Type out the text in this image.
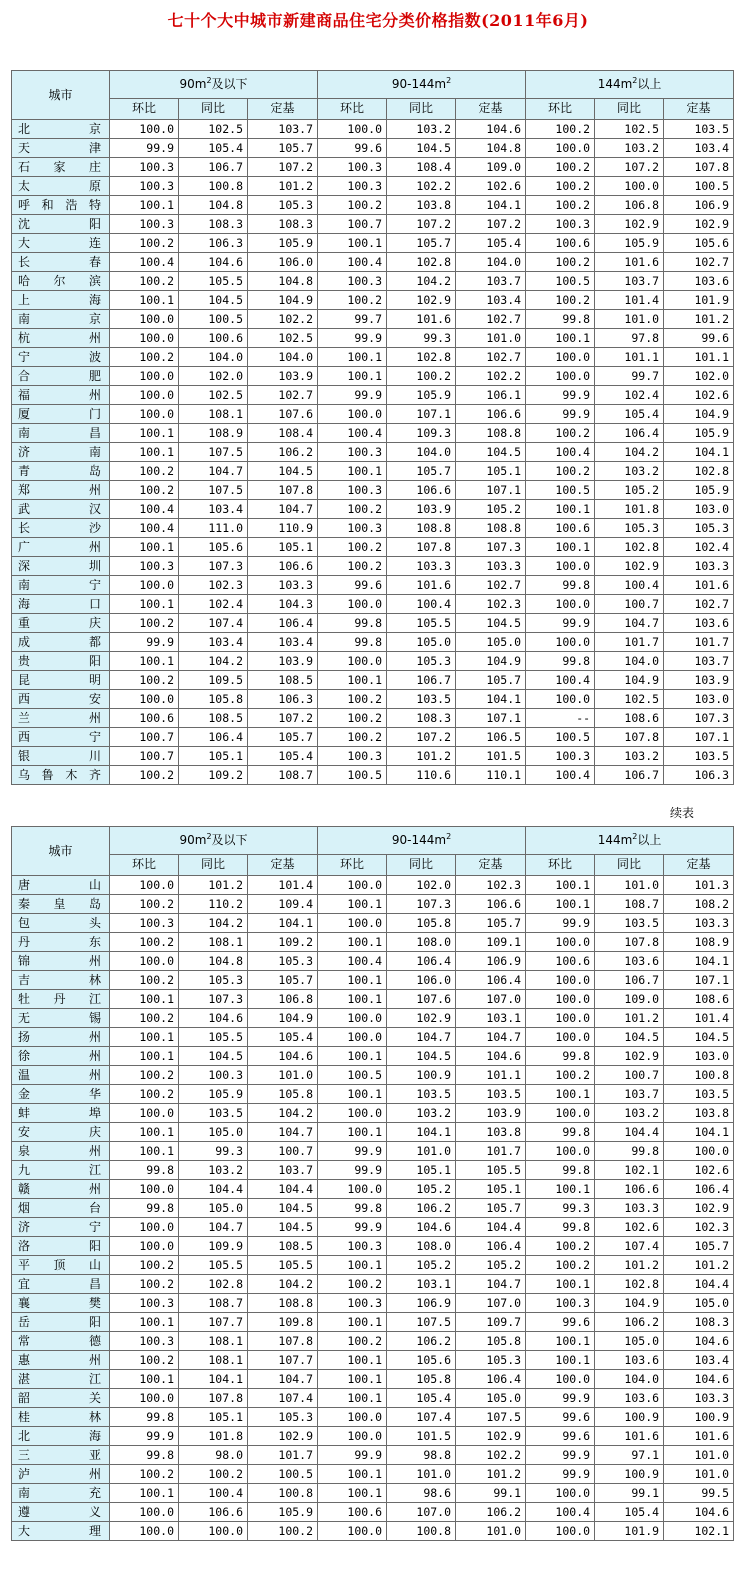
七十个大中城市新建商品住宅分类价格指数(2011年6月)
城市	$90m^2$及以下			$90-144m^2$			$144m^2$以上		
	环比	同比	定基	环比	同比	定基	环比	同比	定基
北京	100.0	102.5	103.7	100.0	103.2	104.6	100.2	102.5	103.5
天津	99.9	105.4	105.7	99.6	104.5	104.8	100.0	103.2	103.4
石家庄	100.3	106.7	107.2	100.3	108.4	109.0	100.2	107.2	107.8
太原	100.3	100.8	101.2	100.3	102.2	102.6	100.2	100.0	100.5
呼和浩特	100.1	104.8	105.3	100.2	103.8	104.1	100.2	106.8	106.9
沈阳	100.3	108.3	108.3	100.7	107.2	107.2	100.3	102.9	102.9
大连	100.2	106.3	105.9	100.1	105.7	105.4	100.6	105.9	105.6
长春	100.4	104.6	106.0	100.4	102.8	104.0	100.2	101.6	102.7
哈尔滨	100.2	105.5	104.8	100.3	104.2	103.7	100.5	103.7	103.6
上海	100.1	104.5	104.9	100.2	102.9	103.4	100.2	101.4	101.9
南京	100.0	100.5	102.2	99.7	101.6	102.7	99.8	101.0	101.2
杭州	100.0	100.6	102.5	99.9	99.3	101.0	100.1	97.8	99.6
宁波	100.2	104.0	104.0	100.1	102.8	102.7	100.0	101.1	101.1
合肥	100.0	102.0	103.9	100.1	100.2	102.2	100.0	99.7	102.0
福州	100.0	102.5	102.7	99.9	105.9	106.1	99.9	102.4	102.6
厦门	100.0	108.1	107.6	100.0	107.1	106.6	99.9	105.4	104.9
南昌	100.1	108.9	108.4	100.4	109.3	108.8	100.2	106.4	105.9
济南	100.1	107.5	106.2	100.3	104.0	104.5	100.4	104.2	104.1
青岛	100.2	104.7	104.5	100.1	105.7	105.1	100.2	103.2	102.8
郑州	100.2	107.5	107.8	100.3	106.6	107.1	100.5	105.2	105.9
武汉	100.4	103.4	104.7	100.2	103.9	105.2	100.1	101.8	103.0
长沙	100.4	111.0	110.9	100.3	108.8	108.8	100.6	105.3	105.3
广州	100.1	105.6	105.1	100.2	107.8	107.3	100.1	102.8	102.4
深圳	100.3	107.3	106.6	100.2	103.3	103.3	100.0	102.9	103.3
南宁	100.0	102.3	103.3	99.6	101.6	102.7	99.8	100.4	101.6
海口	100.1	102.4	104.3	100.0	100.4	102.3	100.0	100.7	102.7
重庆	100.2	107.4	106.4	99.8	105.5	104.5	99.9	104.7	103.6
成都	99.9	103.4	103.4	99.8	105.0	105.0	100.0	101.7	101.7
贵阳	100.1	104.2	103.9	100.0	105.3	104.9	99.8	104.0	103.7
昆明	100.2	109.5	108.5	100.1	106.7	105.7	100.4	104.9	103.9
西安	100.0	105.8	106.3	100.2	103.5	104.1	100.0	102.5	103.0
兰州	100.6	108.5	107.2	100.2	108.3	107.1	--	108.6	107.3
西宁	100.7	106.4	105.7	100.2	107.2	106.5	100.5	107.8	107.1
银川	100.7	105.1	105.4	100.3	101.2	101.5	100.3	103.2	103.5
乌鲁木齐	100.2	109.2	108.7	100.5	110.6	110.1	100.4	106.7	106.3
续表
城市	$90m^2$及以下			$90-144m^2$			$144m^2$以上		
	环比	同比	定基	环比	同比	定基	环比	同比	定基
唐山	100.0	101.2	101.4	100.0	102.0	102.3	100.1	101.0	101.3
秦皇岛	100.2	110.2	109.4	100.1	107.3	106.6	100.1	108.7	108.2
包头	100.3	104.2	104.1	100.0	105.8	105.7	99.9	103.5	103.3
丹东	100.2	108.1	109.2	100.1	108.0	109.1	100.0	107.8	108.9
锦州	100.0	104.8	105.3	100.4	106.4	106.9	100.6	103.6	104.1
吉林	100.2	105.3	105.7	100.1	106.0	106.4	100.0	106.7	107.1
牡丹江	100.1	107.3	106.8	100.1	107.6	107.0	100.0	109.0	108.6
无锡	100.2	104.6	104.9	100.0	102.9	103.1	100.0	101.2	101.4
扬州	100.1	105.5	105.4	100.0	104.7	104.7	100.0	104.5	104.5
徐州	100.1	104.5	104.6	100.1	104.5	104.6	99.8	102.9	103.0
温州	100.2	100.3	101.0	100.5	100.9	101.1	100.2	100.7	100.8
金华	100.2	105.9	105.8	100.1	103.5	103.5	100.1	103.7	103.5
蚌埠	100.0	103.5	104.2	100.0	103.2	103.9	100.0	103.2	103.8
安庆	100.1	105.0	104.7	100.1	104.1	103.8	99.8	104.4	104.1
泉州	100.1	99.3	100.7	99.9	101.0	101.7	100.0	99.8	100.0
九江	99.8	103.2	103.7	99.9	105.1	105.5	99.8	102.1	102.6
赣州	100.0	104.4	104.4	100.0	105.2	105.1	100.1	106.6	106.4
烟台	99.8	105.0	104.5	99.8	106.2	105.7	99.3	103.3	102.9
济宁	100.0	104.7	104.5	99.9	104.6	104.4	99.8	102.6	102.3
洛阳	100.0	109.9	108.5	100.3	108.0	106.4	100.2	107.4	105.7
平顶山	100.2	105.5	105.5	100.1	105.2	105.2	100.2	101.2	101.2
宜昌	100.2	102.8	104.2	100.2	103.1	104.7	100.1	102.8	104.4
襄樊	100.3	108.7	108.8	100.3	106.9	107.0	100.3	104.9	105.0
岳阳	100.1	107.7	109.8	100.1	107.5	109.7	99.6	106.2	108.3
常德	100.3	108.1	107.8	100.2	106.2	105.8	100.1	105.0	104.6
惠州	100.2	108.1	107.7	100.1	105.6	105.3	100.1	103.6	103.4
湛江	100.1	104.1	104.7	100.1	105.8	106.4	100.0	104.0	104.6
韶关	100.0	107.8	107.4	100.1	105.4	105.0	99.9	103.6	103.3
桂林	99.8	105.1	105.3	100.0	107.4	107.5	99.6	100.9	100.9
北海	99.9	101.8	102.9	100.0	101.5	102.9	99.6	101.6	101.6
三亚	99.8	98.0	101.7	99.9	98.8	102.2	99.9	97.1	101.0
泸州	100.2	100.2	100.5	100.1	101.0	101.2	99.9	100.9	101.0
南充	100.1	100.4	100.8	100.1	98.6	99.1	100.0	99.1	99.5
遵义	100.0	106.6	105.9	100.6	107.0	106.2	100.4	105.4	104.6
大理	100.0	100.0	100.2	100.0	100.8	101.0	100.0	101.9	102.1
